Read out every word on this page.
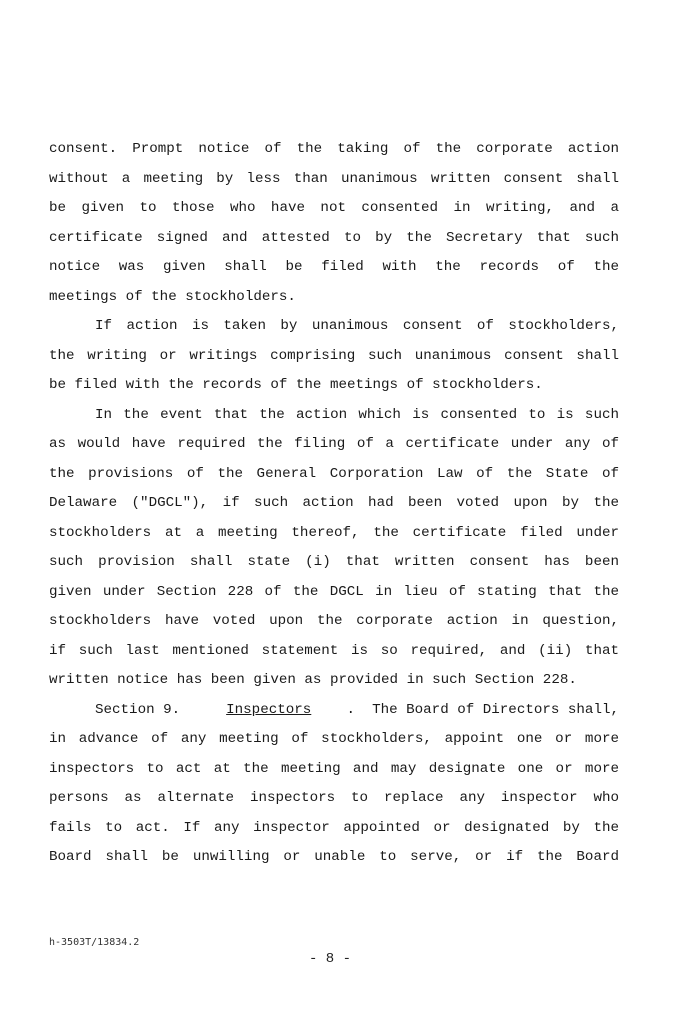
consent. Prompt notice of the taking of the corporate action
without a meeting by less than unanimous written consent shall
be given to those who have not consented in writing, and a
certificate signed and attested to by the Secretary that such
notice was given shall be filed with the records of the
meetings of the stockholders.
If action is taken by unanimous consent of stockholders,
the writing or writings comprising such unanimous consent shall
be filed with the records of the meetings of stockholders.
In the event that the action which is consented to is such
as would have required the filing of a certificate under any of
the provisions of the General Corporation Law of the State of
Delaware ("DGCL"), if such action had been voted upon by the
stockholders at a meeting thereof, the certificate filed under
such provision shall state (i) that written consent has been
given under Section 228 of the DGCL in lieu of stating that the
stockholders have voted upon the corporate action in question,
if such last mentioned statement is so required, and (ii) that
written notice has been given as provided in such Section 228.
Section 9.	Inspectors	.  The Board of Directors shall,
in advance of any meeting of stockholders, appoint one or more
inspectors to act at the meeting and may designate one or more
persons as alternate inspectors to replace any inspector who
fails to act. If any inspector appointed or designated by the
Board shall be unwilling or unable to serve, or if the Board
h-3503T/13834.2
- 8 -
